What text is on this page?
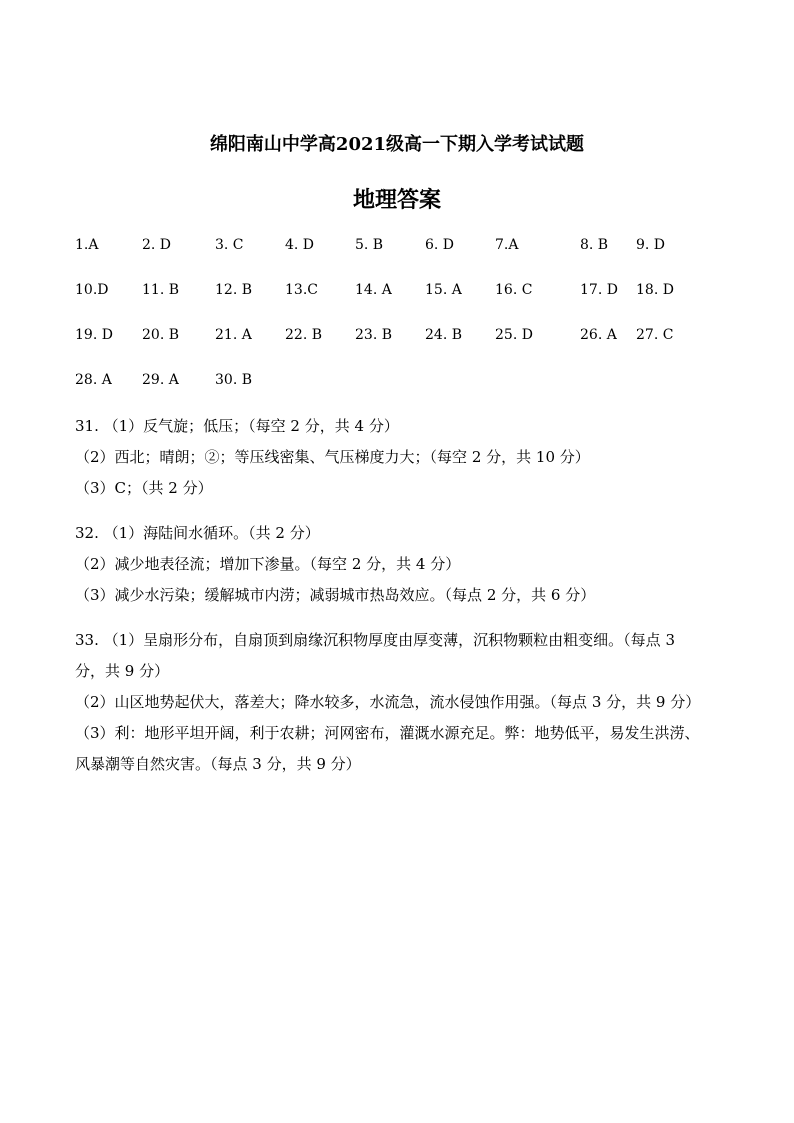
绵阳南山中学高2021级高一下期入学考试试题
地理答案
1.A	2. D	3. C	4. D	5. B	6. D	7.A	8. B 9. D
10.D 11. B	12. B 13.C	14. A 15. A 16. C	17. D 18. D
19. D 20. B	21. A 22. B 23. B 24. B 25. D	26. A 27. C
28. A 29. A	30. B
31. （1）反气旋；低压；（每空 2 分，共 4 分）
（2）西北；晴朗；②；等压线密集、气压梯度力大；（每空 2 分，共 10 分）
（3）C；（共 2 分）
32. （1）海陆间水循环。（共 2 分）
（2）减少地表径流；增加下渗量。（每空 2 分，共 4 分）
（3）减少水污染；缓解城市内涝；减弱城市热岛效应。（每点 2 分，共 6 分）
33. （1）呈扇形分布，自扇顶到扇缘沉积物厚度由厚变薄，沉积物颗粒由粗变细。（每点 3
分，共 9 分）
（2）山区地势起伏大，落差大；降水较多，水流急，流水侵蚀作用强。（每点 3 分，共 9 分）
（3）利：地形平坦开阔，利于农耕；河网密布，灌溉水源充足。弊：地势低平，易发生洪涝、
风暴潮等自然灾害。（每点 3 分，共 9 分）
